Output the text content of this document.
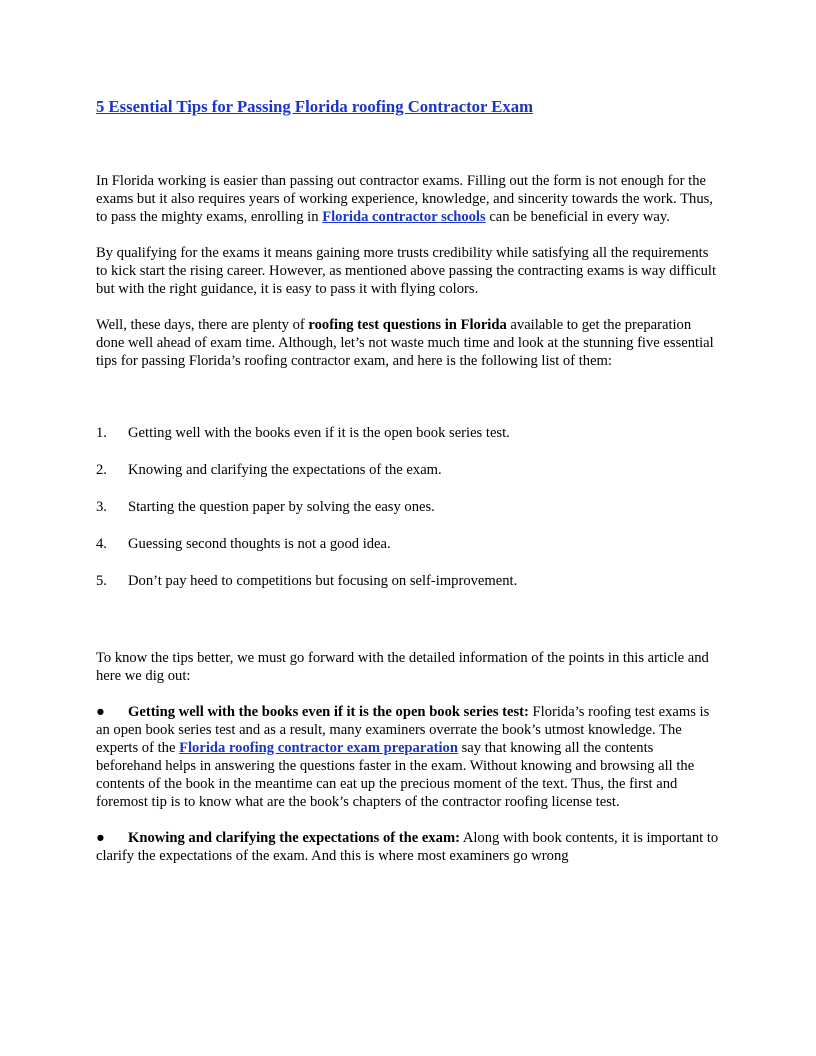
5 Essential Tips for Passing Florida roofing Contractor Exam

In Florida working is easier than passing out contractor exams. Filling out the form is not enough for the exams but it also requires years of working experience, knowledge, and sincerity towards the work. Thus, to pass the mighty exams, enrolling in Florida contractor schools can be beneficial in every way.

By qualifying for the exams it means gaining more trusts credibility while satisfying all the requirements to kick start the rising career. However, as mentioned above passing the contracting exams is way difficult but with the right guidance, it is easy to pass it with flying colors.

Well, these days, there are plenty of roofing test questions in Florida available to get the preparation done well ahead of exam time. Although, let’s not waste much time and look at the stunning five essential tips for passing Florida’s roofing contractor exam, and here is the following list of them:

1.	Getting well with the books even if it is the open book series test.
2.	Knowing and clarifying the expectations of the exam.
3.	Starting the question paper by solving the easy ones.
4.	Guessing second thoughts is not a good idea.
5.	Don’t pay heed to competitions but focusing on self-improvement.

To know the tips better, we must go forward with the detailed information of the points in this article and here we dig out:

● Getting well with the books even if it is the open book series test: Florida’s roofing test exams is an open book series test and as a result, many examiners overrate the book’s utmost knowledge. The experts of the Florida roofing contractor exam preparation say that knowing all the contents beforehand helps in answering the questions faster in the exam. Without knowing and browsing all the contents of the book in the meantime can eat up the precious moment of the text. Thus, the first and foremost tip is to know what are the book’s chapters of the contractor roofing license test.

● Knowing and clarifying the expectations of the exam: Along with book contents, it is important to clarify the expectations of the exam. And this is where most examiners go wrong
